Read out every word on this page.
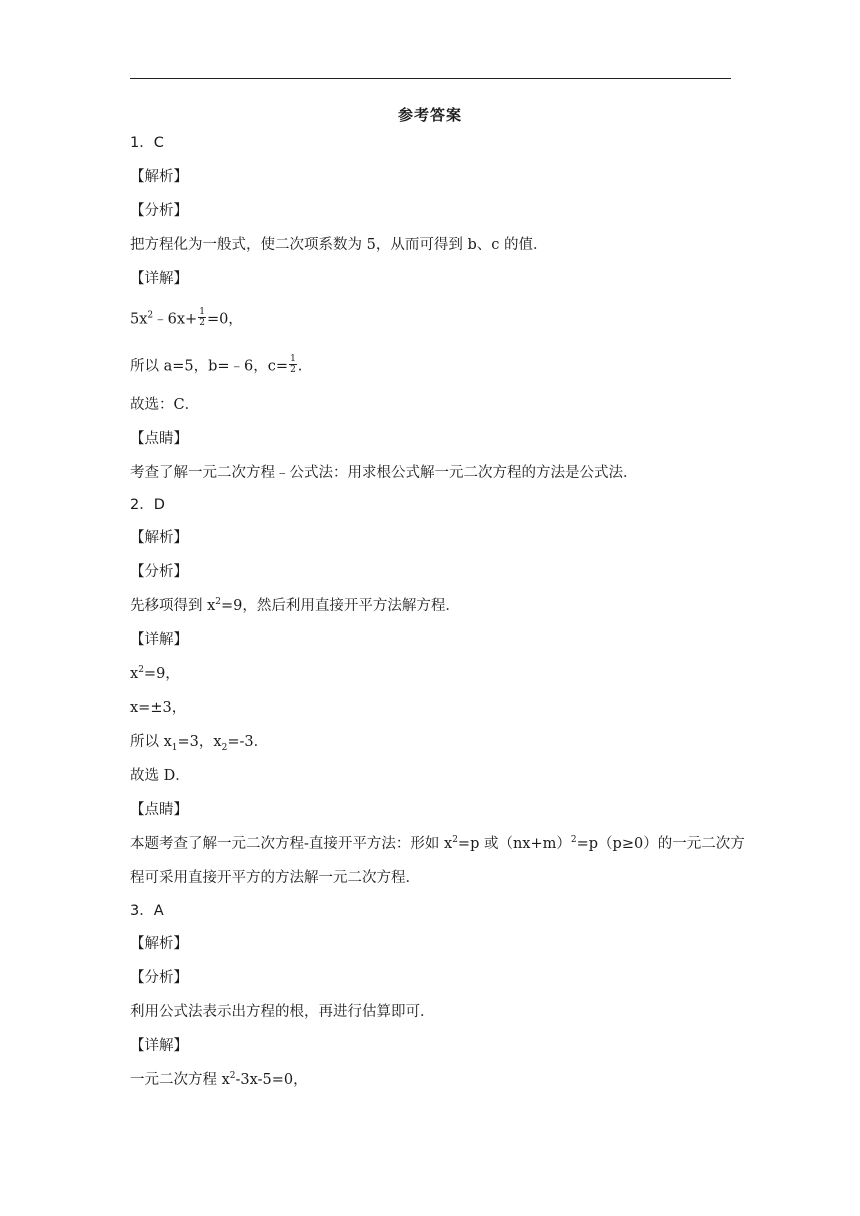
参考答案
1．C
【解析】
【分析】
把方程化为一般式，使二次项系数为 5，从而可得到 b、c 的值．
【详解】
$5x^2﹣6x+ \frac{1}{2} =0$，
所以 a=5，b=﹣6，$c= \frac{1}{2}$ .
故选：C．
【点睛】
考查了解一元二次方程﹣公式法：用求根公式解一元二次方程的方法是公式法．
2．D
【解析】
【分析】
先移项得到 $x^2=9$，然后利用直接开平方法解方程．
【详解】
$x^2=9$，
x=±3，
所以 $x_1=3$，$x_2=-3$．
故选 D．
【点睛】
本题考查了解一元二次方程-直接开平方法：形如 $x^2=p$ 或$(nx+m)^2=p(p\ge 0)$的一元二次方
程可采用直接开平方的方法解一元二次方程．
3．A
【解析】
【分析】
利用公式法表示出方程的根，再进行估算即可．
【详解】
一元二次方程 $x^2-3x-5=0$，
